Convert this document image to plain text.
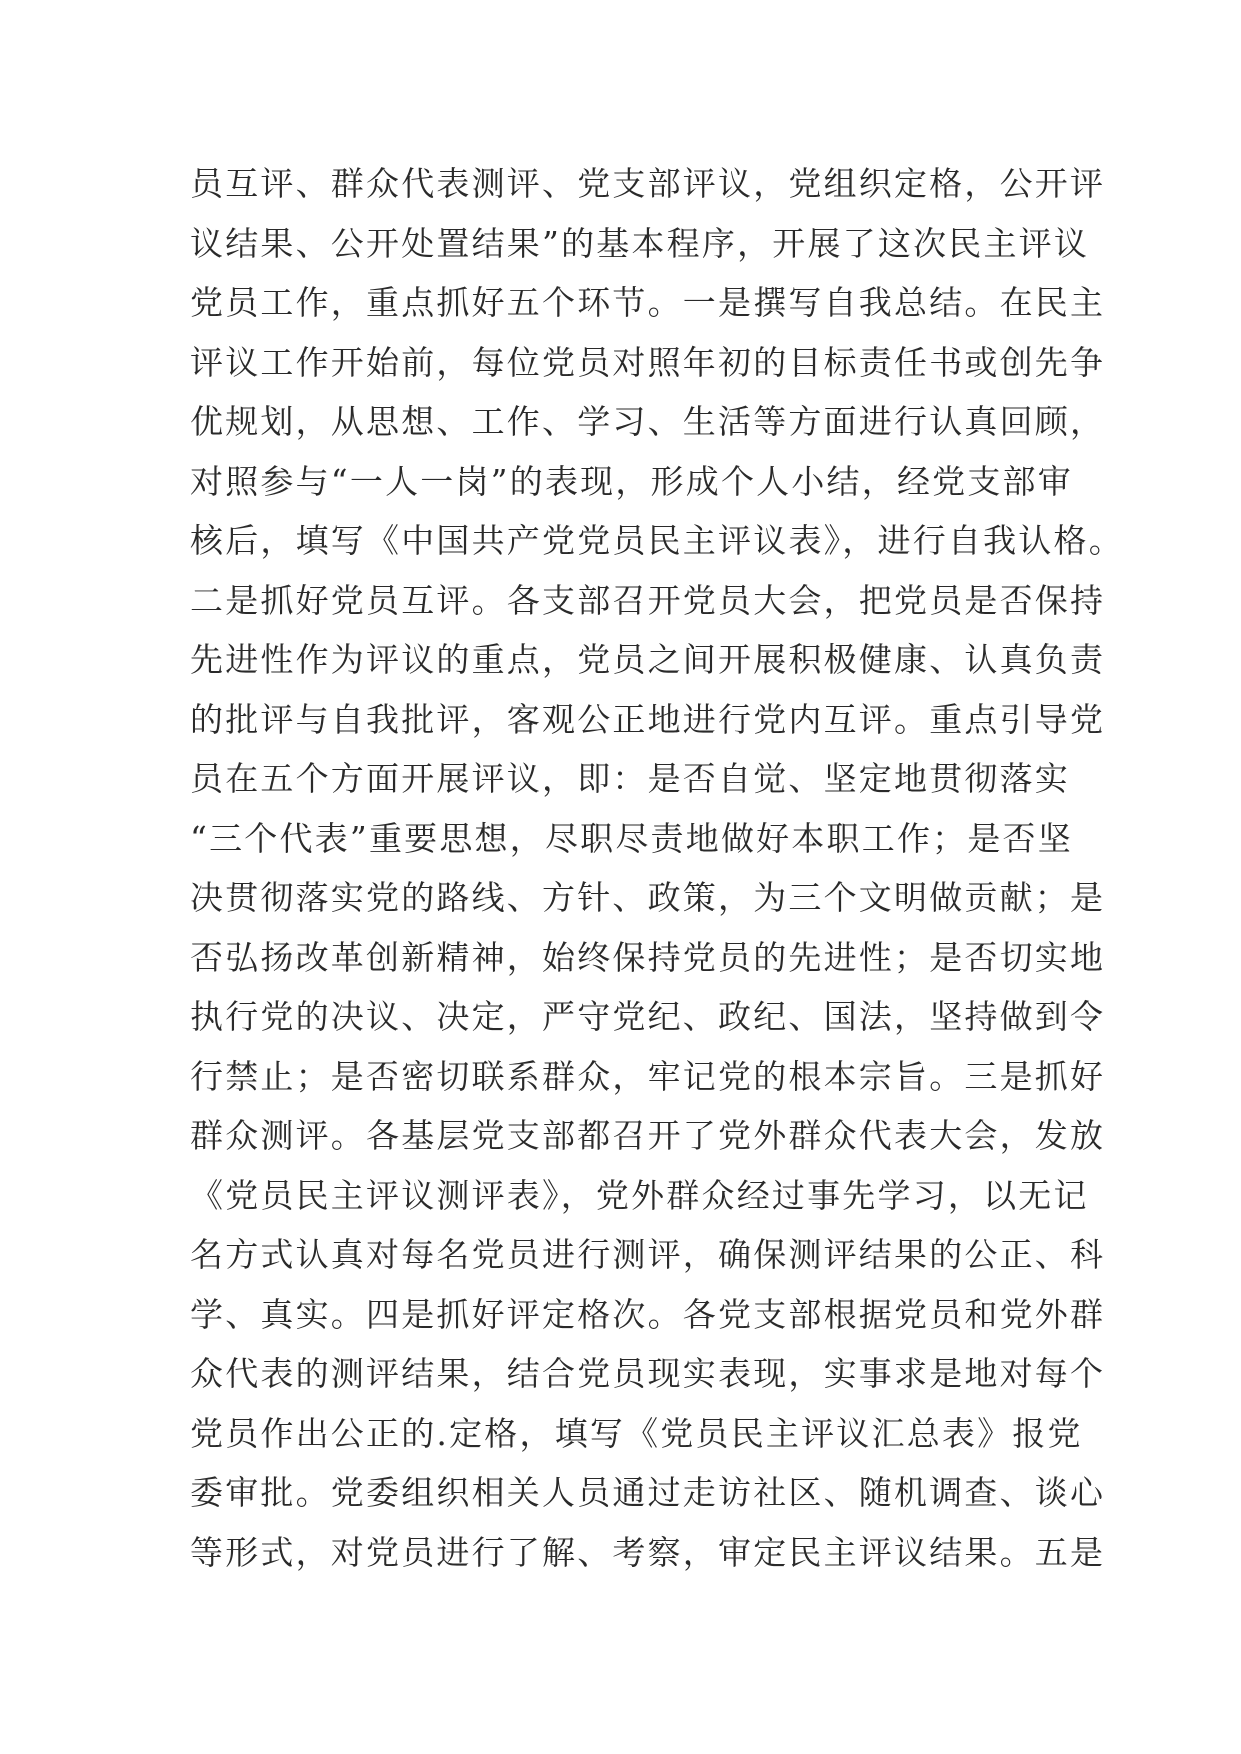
员互评、群众代表测评、党支部评议，党组织定格，公开评
议结果、公开处置结果”的基本程序，开展了这次民主评议
党员工作，重点抓好五个环节。一是撰写自我总结。在民主
评议工作开始前，每位党员对照年初的目标责任书或创先争
优规划，从思想、工作、学习、生活等方面进行认真回顾，
对照参与“一人一岗”的表现，形成个人小结，经党支部审
核后，填写《中国共产党党员民主评议表》，进行自我认格。
二是抓好党员互评。各支部召开党员大会，把党员是否保持
先进性作为评议的重点，党员之间开展积极健康、认真负责
的批评与自我批评，客观公正地进行党内互评。重点引导党
员在五个方面开展评议，即：是否自觉、坚定地贯彻落实
“三个代表”重要思想，尽职尽责地做好本职工作；是否坚
决贯彻落实党的路线、方针、政策，为三个文明做贡献；是
否弘扬改革创新精神，始终保持党员的先进性；是否切实地
执行党的决议、决定，严守党纪、政纪、国法，坚持做到令
行禁止；是否密切联系群众，牢记党的根本宗旨。三是抓好
群众测评。各基层党支部都召开了党外群众代表大会，发放
《党员民主评议测评表》，党外群众经过事先学习，以无记
名方式认真对每名党员进行测评，确保测评结果的公正、科
学、真实。四是抓好评定格次。各党支部根据党员和党外群
众代表的测评结果，结合党员现实表现，实事求是地对每个
党员作出公正的.定格，填写《党员民主评议汇总表》报党
委审批。党委组织相关人员通过走访社区、随机调查、谈心
等形式，对党员进行了解、考察，审定民主评议结果。五是
